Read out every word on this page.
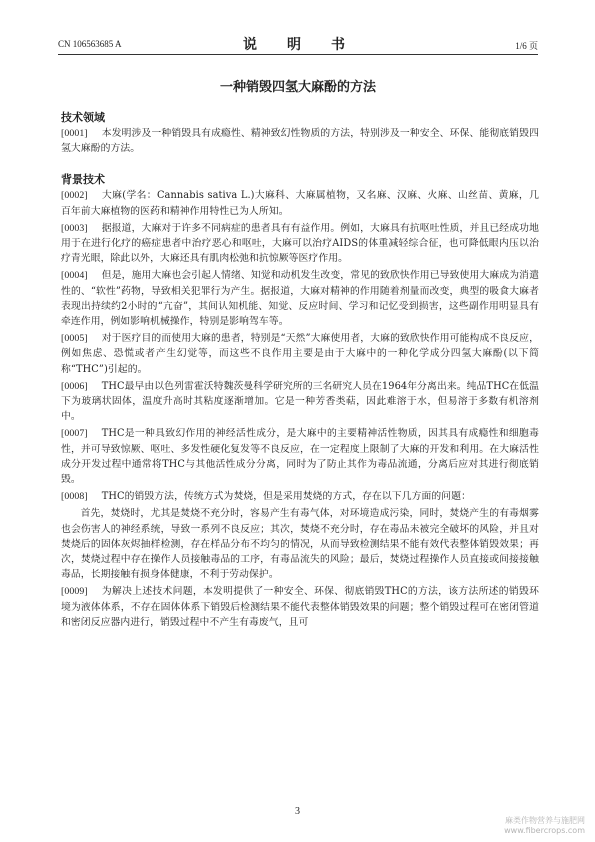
CN 106563685 A	说　明　书	1/6 页
一种销毁四氢大麻酚的方法
技术领域

[0001] 本发明涉及一种销毁具有成瘾性、精神致幻性物质的方法，特别涉及一种安全、环保、能彻底销毁四氢大麻酚的方法。

背景技术

[0002] 大麻(学名：Cannabis sativa L.)大麻科、大麻属植物，又名麻、汉麻、火麻、山丝苗、黄麻，几百年前大麻植物的医药和精神作用特性已为人所知。

[0003] 据报道，大麻对于许多不同病症的患者具有有益作用。例如，大麻具有抗呕吐性质，并且已经成功地用于在进行化疗的癌症患者中治疗恶心和呕吐，大麻可以治疗AIDS的体重减轻综合征，也可降低眼内压以治疗青光眼，除此以外，大麻还具有肌肉松弛和抗惊厥等医疗作用。

[0004] 但是，施用大麻也会引起人情绪、知觉和动机发生改变，常见的致欣快作用已导致使用大麻成为消遣性的、“软性”药物，导致相关犯罪行为产生。据报道，大麻对精神的作用随着剂量而改变，典型的吸食大麻者表现出持续约2小时的“亢奋”，其间认知机能、知觉、反应时间、学习和记忆受到损害，这些副作用明显具有牵连作用，例如影响机械操作，特别是影响驾车等。

[0005] 对于医疗目的而使用大麻的患者，特别是“天然”大麻使用者，大麻的致欣快作用可能构成不良反应，例如焦虑、恐慌或者产生幻觉等，而这些不良作用主要是由于大麻中的一种化学成分四氢大麻酚(以下简称“THC”)引起的。

[0006] THC最早由以色列雷霍沃特魏茨曼科学研究所的三名研究人员在1964年分离出来。纯品THC在低温下为玻璃状固体，温度升高时其粘度逐渐增加。它是一种芳香类萜，因此难溶于水，但易溶于多数有机溶剂中。

[0007] THC是一种具致幻作用的神经活性成分，是大麻中的主要精神活性物质，因其具有成瘾性和细胞毒性，并可导致惊厥、呕吐、多发性硬化复发等不良反应，在一定程度上限制了大麻的开发和利用。在大麻活性成分开发过程中通常将THC与其他活性成分分离，同时为了防止其作为毒品流通，分离后应对其进行彻底销毁。

[0008] THC的销毁方法，传统方式为焚烧，但是采用焚烧的方式，存在以下几方面的问题：

首先，焚烧时，尤其是焚烧不充分时，容易产生有毒气体，对环境造成污染，同时，焚烧产生的有毒烟雾也会伤害人的神经系统，导致一系列不良反应；其次，焚烧不充分时，存在毒品未被完全破坏的风险，并且对焚烧后的固体灰烬抽样检测，存在样品分布不均匀的情况，从而导致检测结果不能有效代表整体销毁效果；再次，焚烧过程中存在操作人员接触毒品的工序，有毒品流失的风险；最后，焚烧过程操作人员直接或间接接触毒品，长期接触有损身体健康，不利于劳动保护。

[0009] 为解决上述技术问题，本发明提供了一种安全、环保、彻底销毁THC的方法，该方法所述的销毁环境为液体体系，不存在固体体系下销毁后检测结果不能代表整体销毁效果的问题；整个销毁过程可在密闭管道和密闭反应器内进行，销毁过程中不产生有毒废气，且可

3
麻类作物营养与施肥网
www.fibercrops.com
